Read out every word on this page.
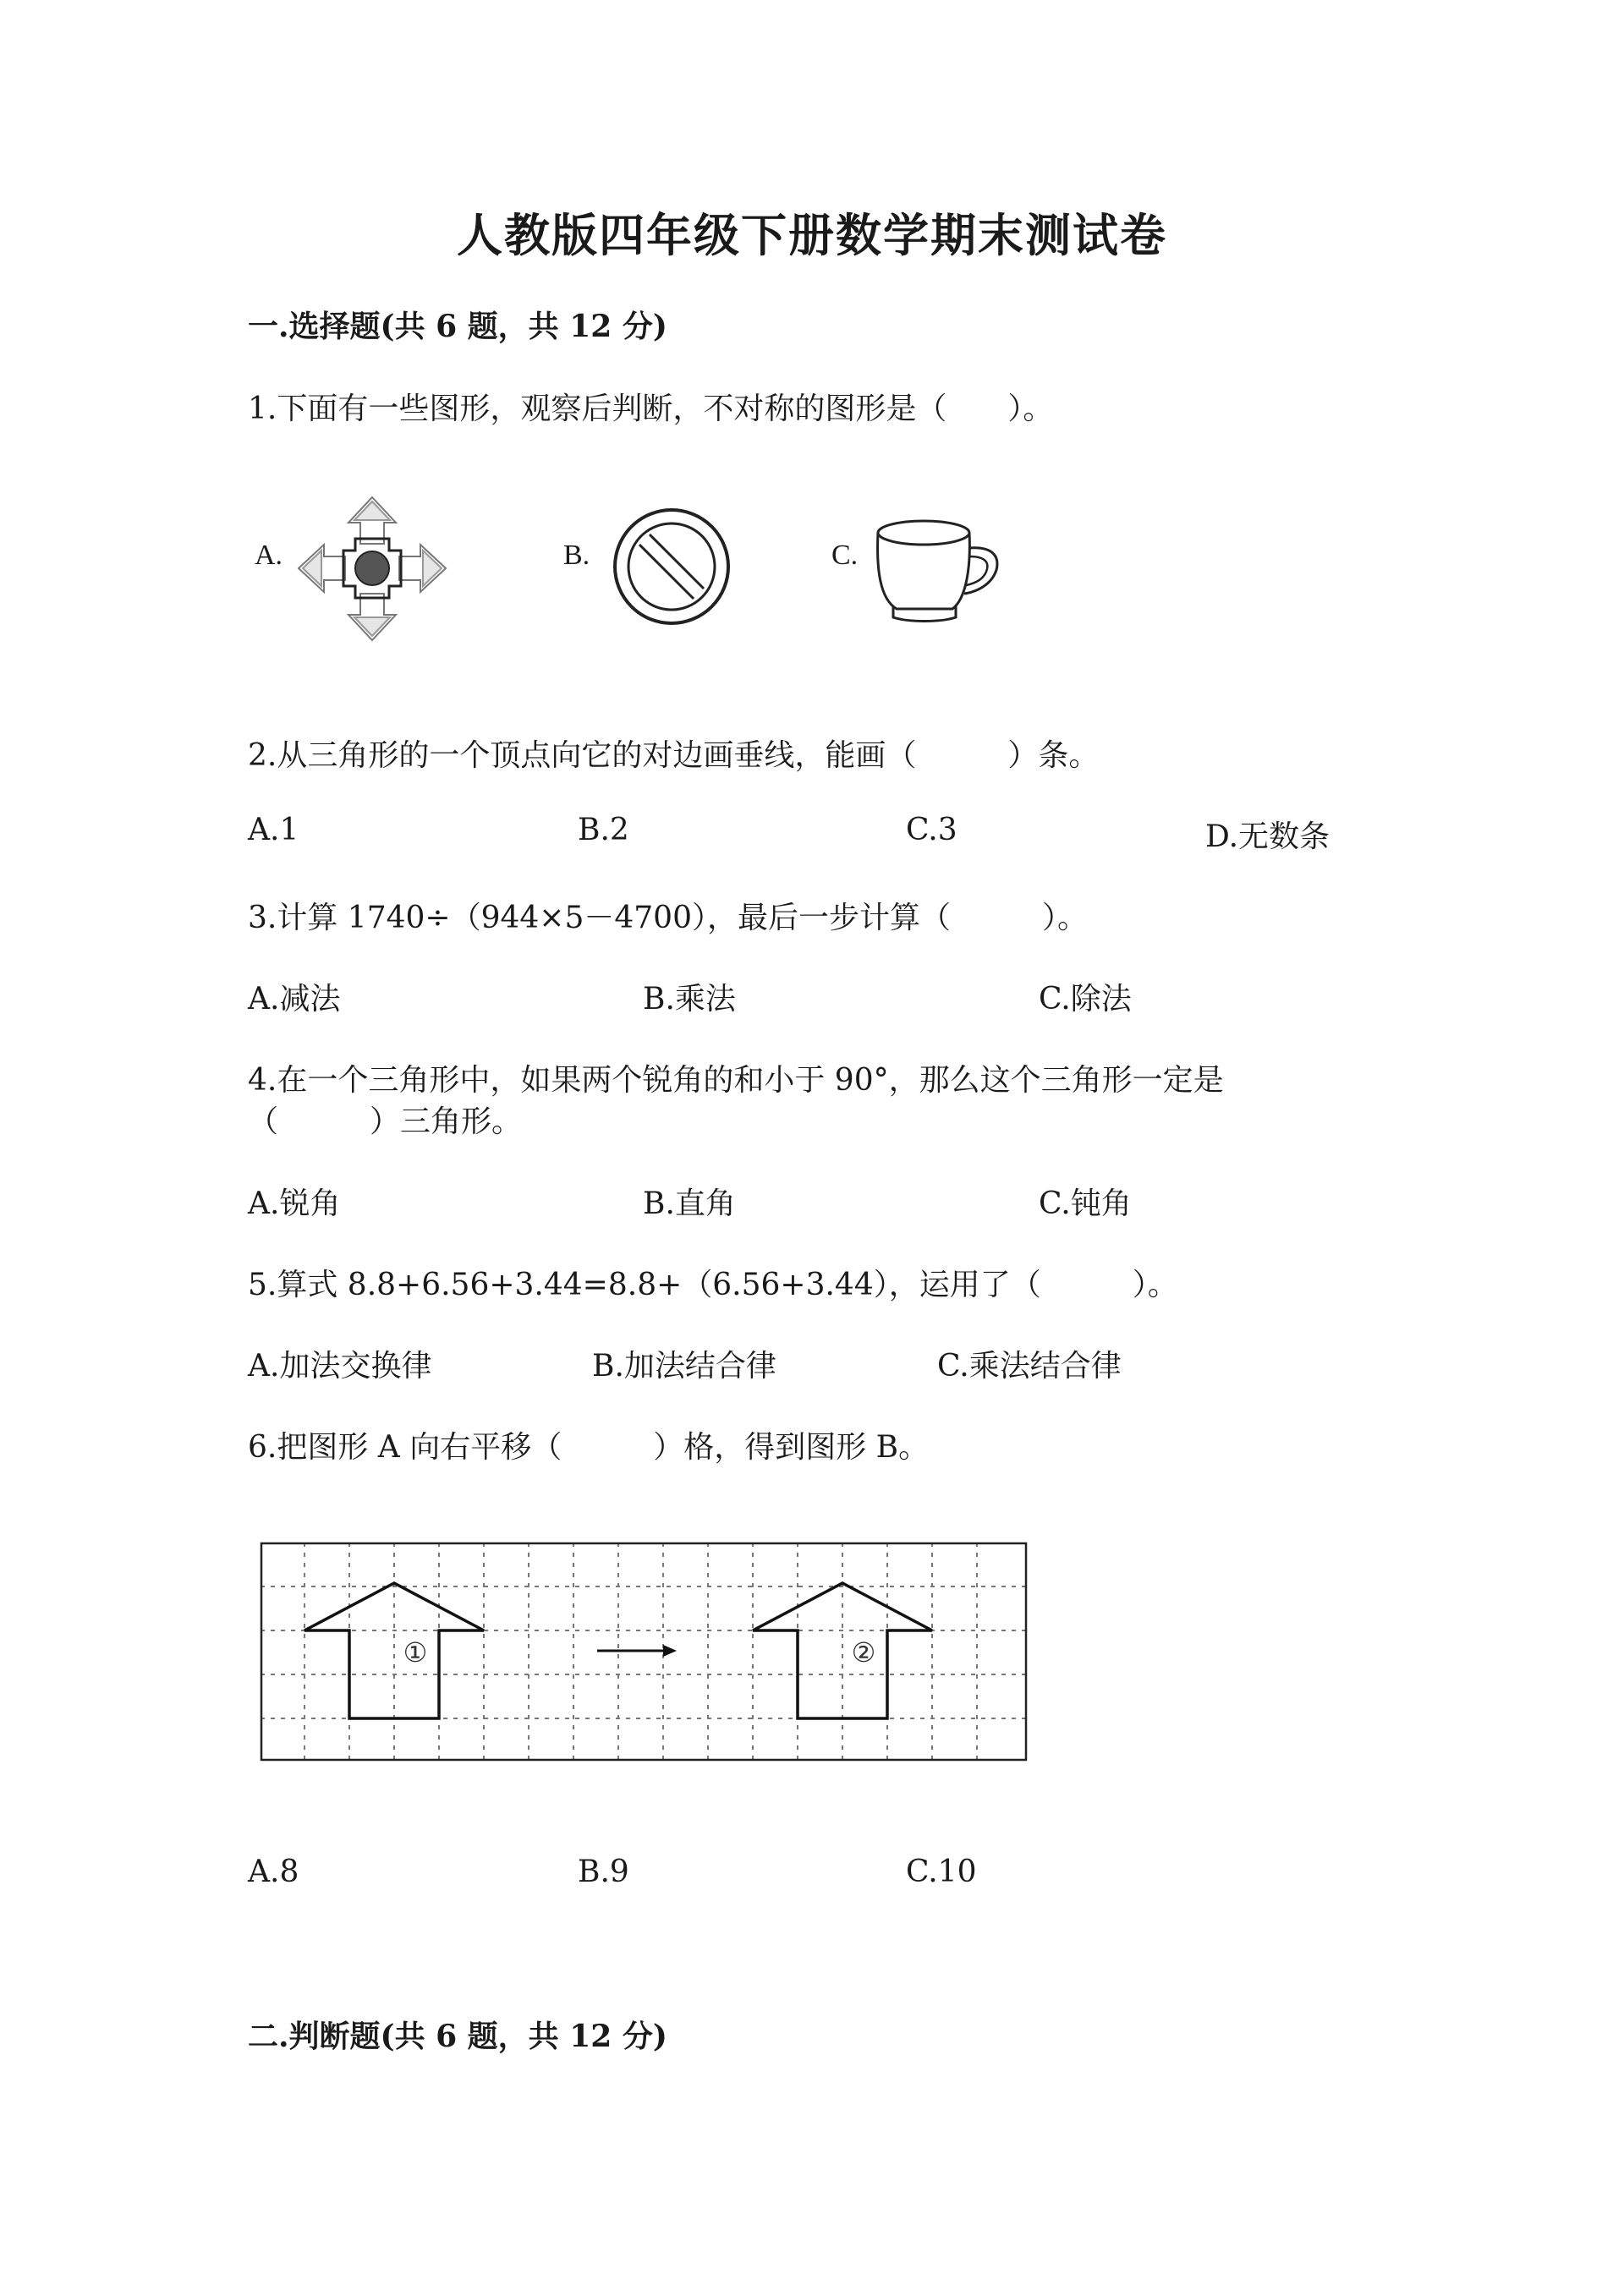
人教版四年级下册数学期末测试卷
一.选择题(共 6 题，共 12 分)
1.下面有一些图形，观察后判断，不对称的图形是（　　）。
A.	B.	C.
2.从三角形的一个顶点向它的对边画垂线，能画（　　　）条。
A.1	B.2	C.3	D.无数条
3.计算 1740÷（944×5－4700），最后一步计算（　　　）。
A.减法	B.乘法	C.除法
4.在一个三角形中，如果两个锐角的和小于 90°，那么这个三角形一定是
（　　　）三角形。
A.锐角	B.直角	C.钝角
5.算式 8.8+6.56+3.44=8.8+（6.56+3.44），运用了（　　　）。
A.加法交换律	B.加法结合律	C.乘法结合律
6.把图形 A 向右平移（　　　）格，得到图形 B。
①	②
A.8	B.9	C.10
二.判断题(共 6 题，共 12 分)
